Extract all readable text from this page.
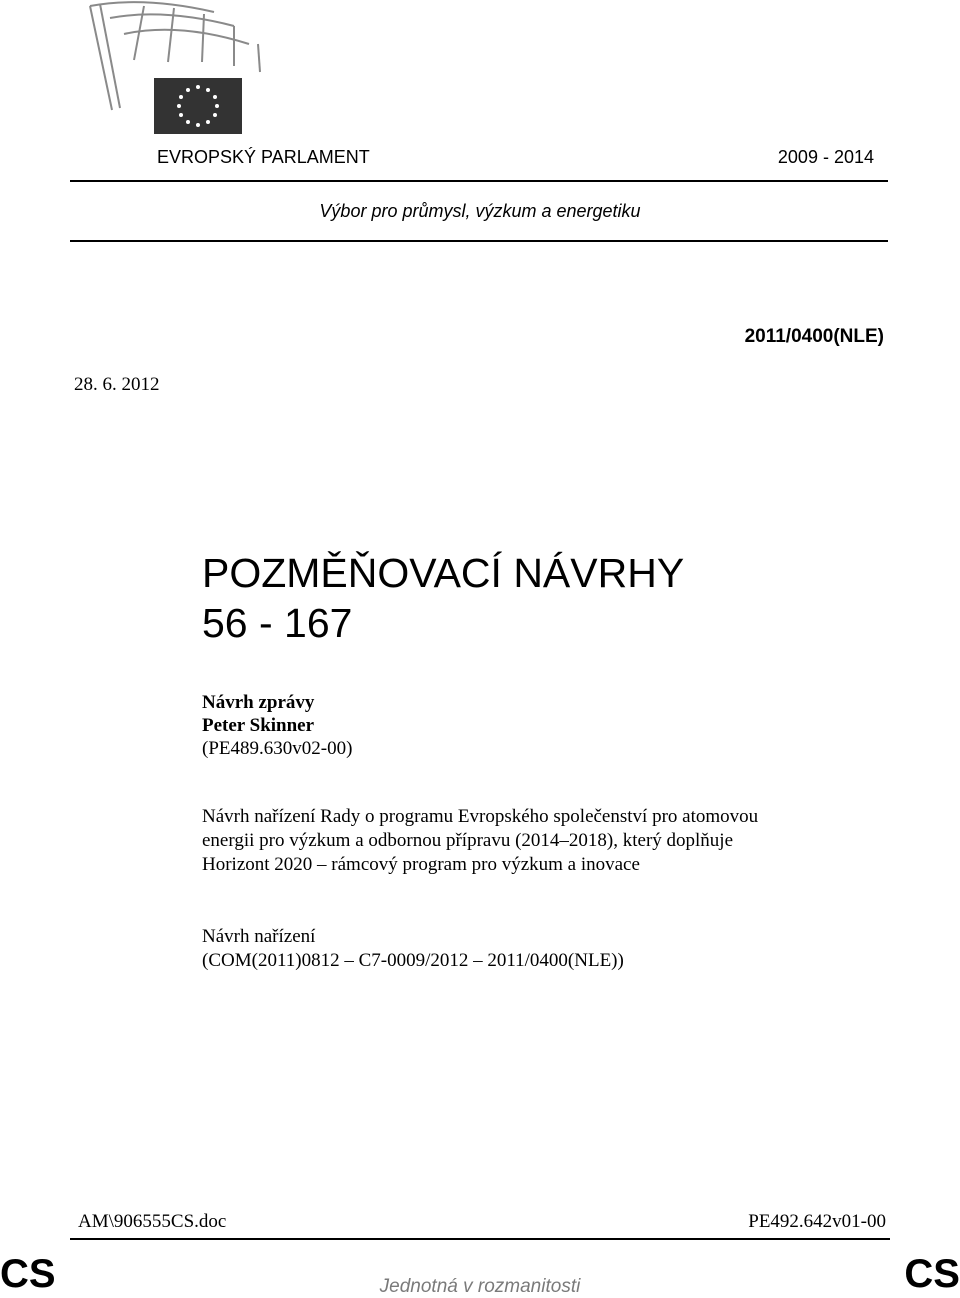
EVROPSKÝ PARLAMENT	2009 - 2014
Výbor pro průmysl, výzkum a energetiku
2011/0400(NLE)
28. 6. 2012
POZMĚŇOVACÍ NÁVRHY
56 - 167
Návrh zprávy
Peter Skinner
(PE489.630v02-00)
Návrh nařízení Rady o programu Evropského společenství pro atomovou
energii pro výzkum a odbornou přípravu (2014–2018), který doplňuje
Horizont 2020 – rámcový program pro výzkum a inovace
Návrh nařízení
(COM(2011)0812 – C7-0009/2012 – 2011/0400(NLE))
AM\906555CS.doc	PE492.642v01-00
CS	Jednotná v rozmanitosti	CS
